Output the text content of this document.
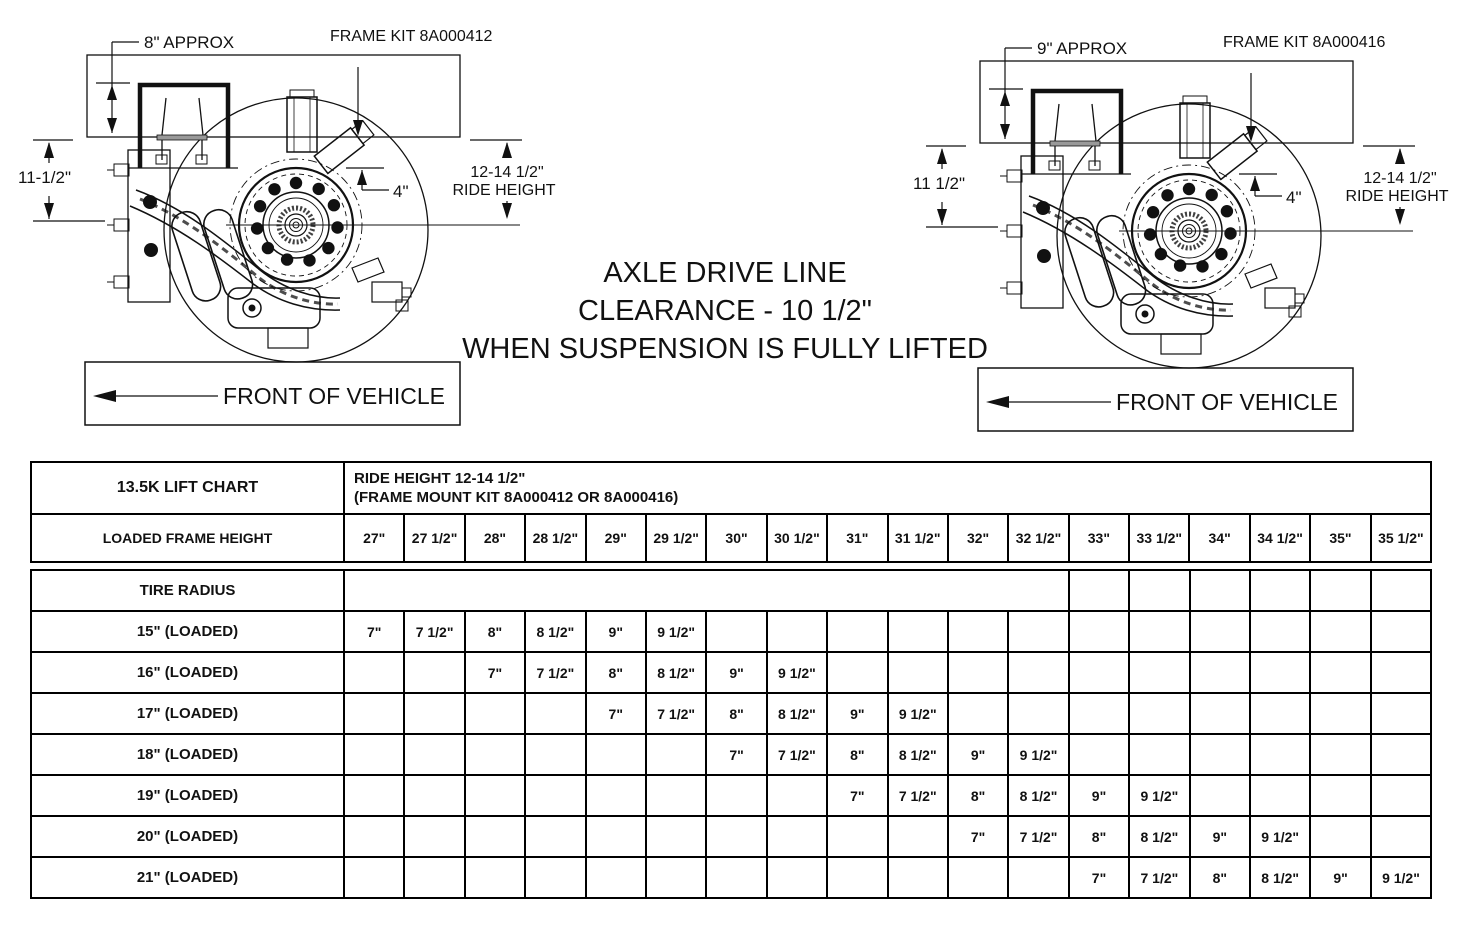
8" APPROX	FRAME KIT 8A000412
11-1/2"
4"
12-14 1/2"
RIDE HEIGHT
FRONT OF VEHICLE
9" APPROX	FRAME KIT 8A000416
11 1/2"
4"
12-14 1/2"
RIDE HEIGHT
FRONT OF VEHICLE
AXLE DRIVE LINE
CLEARANCE - 10 1/2"
WHEN SUSPENSION IS FULLY LIFTED
13.5K LIFT CHART	RIDE HEIGHT 12-14 1/2"
(FRAME MOUNT KIT 8A000412 OR 8A000416)																	

LOADED FRAME HEIGHT	27"	27 1/2"	28"	28 1/2"	29"	29 1/2"	30"	30 1/2"	31"	31 1/2"	32"	32 1/2"	33"	33 1/2"	34"	34 1/2"	35"	35 1/2"
TIRE RADIUS																		
15" (LOADED)	7"	7 1/2"	8"	8 1/2"	9"	9 1/2"												
16" (LOADED)			7"	7 1/2"	8"	8 1/2"	9"	9 1/2"										
17" (LOADED)					7"	7 1/2"	8"	8 1/2"	9"	9 1/2"								
18" (LOADED)							7"	7 1/2"	8"	8 1/2"	9"	9 1/2"						
19" (LOADED)									7"	7 1/2"	8"	8 1/2"	9"	9 1/2"				
20" (LOADED)											7"	7 1/2"	8"	8 1/2"	9"	9 1/2"		
21" (LOADED)													7"	7 1/2"	8"	8 1/2"	9"	9 1/2"
